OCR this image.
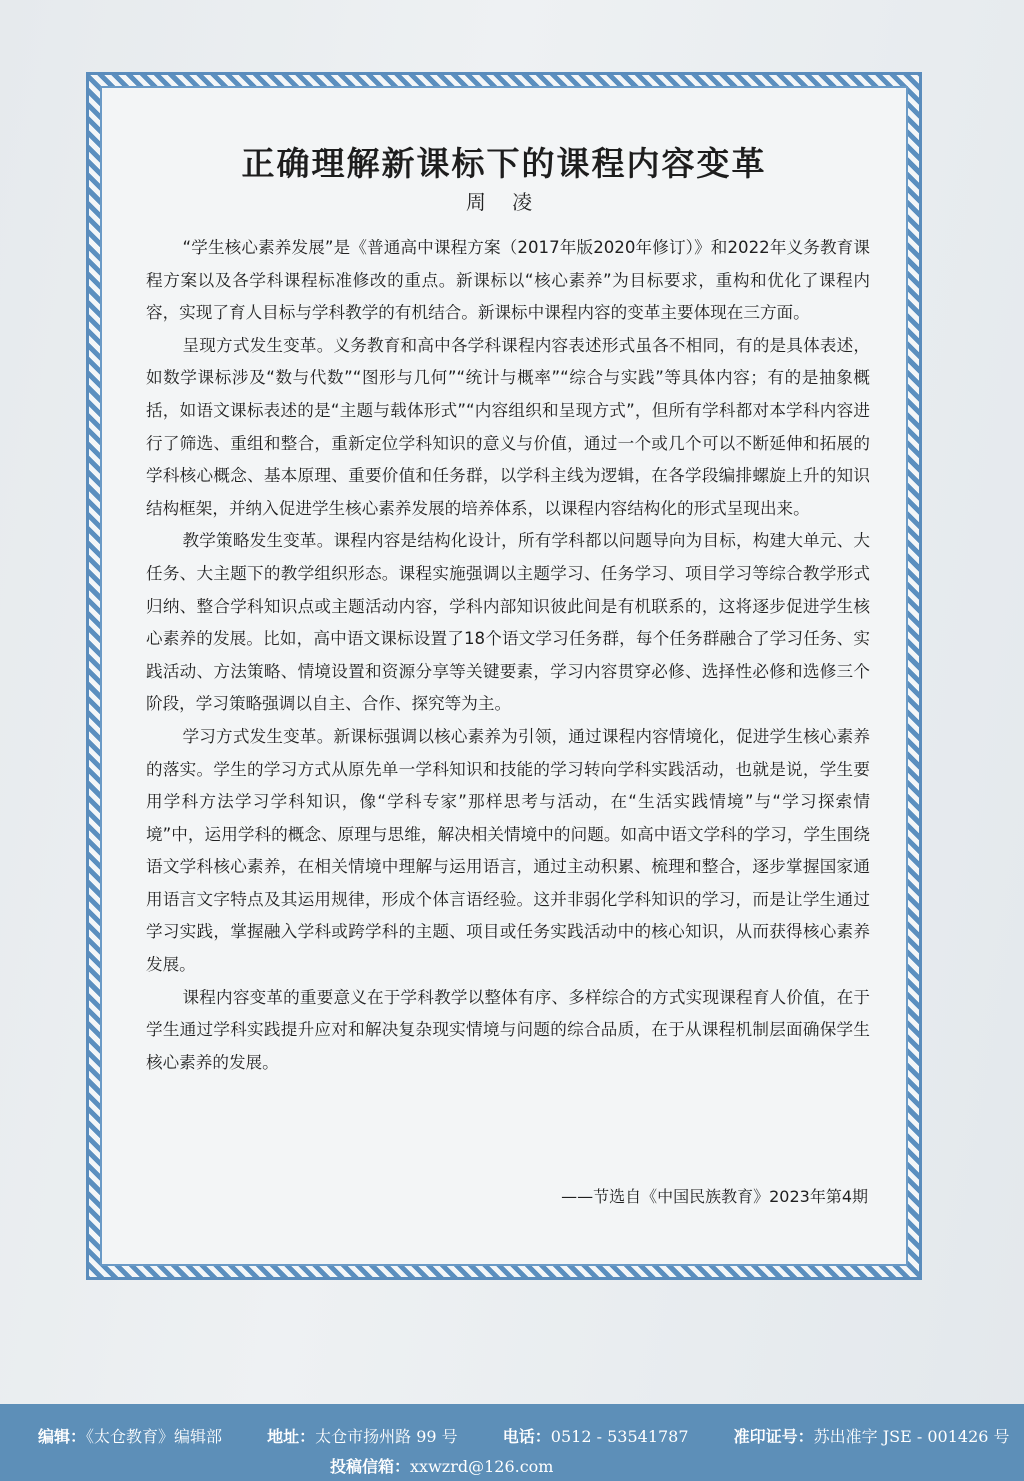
正确理解新课标下的课程内容变革
周 凌

“学生核心素养发展”是《普通高中课程方案（2017年版2020年修订）》和2022年义务教育课程方案以及各学科课程标准修改的重点。新课标以“核心素养”为目标要求，重构和优化了课程内容，实现了育人目标与学科教学的有机结合。新课标中课程内容的变革主要体现在三方面。

呈现方式发生变革。义务教育和高中各学科课程内容表述形式虽各不相同，有的是具体表述，如数学课标涉及“数与代数”“图形与几何”“统计与概率”“综合与实践”等具体内容；有的是抽象概括，如语文课标表述的是“主题与载体形式”“内容组织和呈现方式”，但所有学科都对本学科内容进行了筛选、重组和整合，重新定位学科知识的意义与价值，通过一个或几个可以不断延伸和拓展的学科核心概念、基本原理、重要价值和任务群，以学科主线为逻辑，在各学段编排螺旋上升的知识结构框架，并纳入促进学生核心素养发展的培养体系，以课程内容结构化的形式呈现出来。

教学策略发生变革。课程内容是结构化设计，所有学科都以问题导向为目标，构建大单元、大任务、大主题下的教学组织形态。课程实施强调以主题学习、任务学习、项目学习等综合教学形式归纳、整合学科知识点或主题活动内容，学科内部知识彼此间是有机联系的，这将逐步促进学生核心素养的发展。比如，高中语文课标设置了18个语文学习任务群，每个任务群融合了学习任务、实践活动、方法策略、情境设置和资源分享等关键要素，学习内容贯穿必修、选择性必修和选修三个阶段，学习策略强调以自主、合作、探究等为主。

学习方式发生变革。新课标强调以核心素养为引领，通过课程内容情境化，促进学生核心素养的落实。学生的学习方式从原先单一学科知识和技能的学习转向学科实践活动，也就是说，学生要用学科方法学习学科知识，像“学科专家”那样思考与活动，在“生活实践情境”与“学习探索情境”中，运用学科的概念、原理与思维，解决相关情境中的问题。如高中语文学科的学习，学生围绕语文学科核心素养，在相关情境中理解与运用语言，通过主动积累、梳理和整合，逐步掌握国家通用语言文字特点及其运用规律，形成个体言语经验。这并非弱化学科知识的学习，而是让学生通过学习实践，掌握融入学科或跨学科的主题、项目或任务实践活动中的核心知识，从而获得核心素养发展。

课程内容变革的重要意义在于学科教学以整体有序、多样综合的方式实现课程育人价值，在于学生通过学科实践提升应对和解决复杂现实情境与问题的综合品质，在于从课程机制层面确保学生核心素养的发展。

——节选自《中国民族教育》2023年第4期
编辑：《太仓教育》编辑部	地址：太仓市扬州路 99 号	电话：0512 - 53541787	准印证号：苏出准字 JSE - 001426 号
投稿信箱：xxwzrd@126.com
